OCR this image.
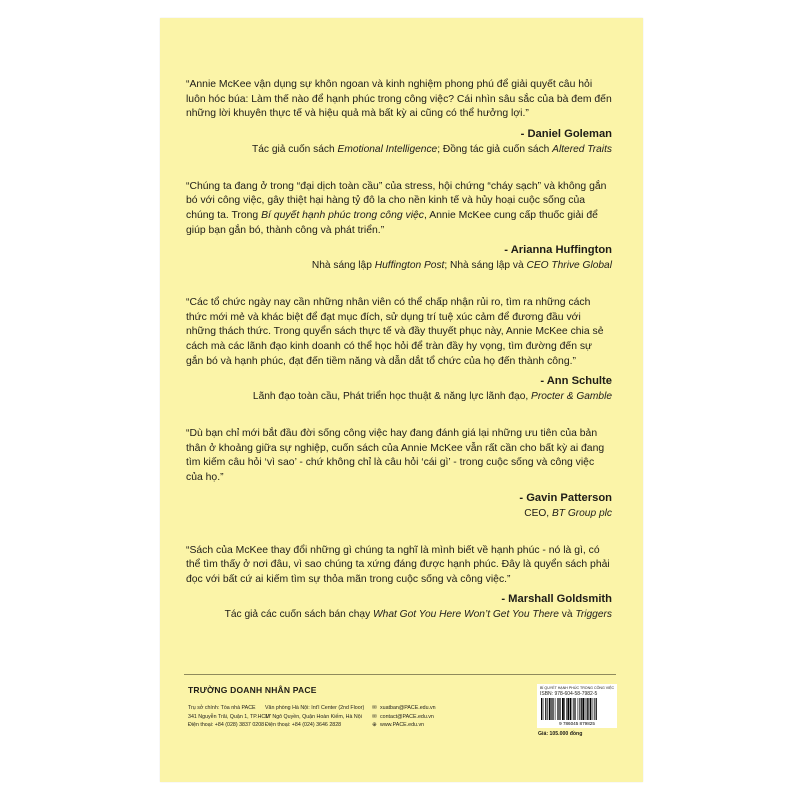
“Annie McKee vận dụng sự khôn ngoan và kinh nghiệm phong phú để giải quyết câu hỏi luôn hóc búa: Làm thế nào để hạnh phúc trong công việc? Cái nhìn sâu sắc của bà đem đến những lời khuyên thực tế và hiệu quả mà bất kỳ ai cũng có thể hưởng lợi.”

- Daniel Goleman
Tác giả cuốn sách Emotional Intelligence; Đồng tác giả cuốn sách Altered Traits

“Chúng ta đang ở trong “đại dịch toàn cầu” của stress, hội chứng “cháy sạch” và không gắn bó với công việc, gây thiệt hại hàng tỷ đô la cho nền kinh tế và hủy hoại cuộc sống của chúng ta. Trong Bí quyết hạnh phúc trong công việc, Annie McKee cung cấp thuốc giải để giúp bạn gắn bó, thành công và phát triển.”

- Arianna Huffington
Nhà sáng lập Huffington Post; Nhà sáng lập và CEO Thrive Global

“Các tổ chức ngày nay cần những nhân viên có thể chấp nhận rủi ro, tìm ra những cách thức mới mẻ và khác biệt để đạt mục đích, sử dụng trí tuệ xúc cảm để đương đầu với những thách thức. Trong quyển sách thực tế và đầy thuyết phục này, Annie McKee chia sẻ cách mà các lãnh đạo kinh doanh có thể học hỏi để tràn đầy hy vọng, tìm đường đến sự gắn bó và hạnh phúc, đạt đến tiềm năng và dẫn dắt tổ chức của họ đến thành công.”

- Ann Schulte
Lãnh đạo toàn cầu, Phát triển học thuật & năng lực lãnh đạo, Procter & Gamble

“Dù bạn chỉ mới bắt đầu đời sống công việc hay đang đánh giá lại những ưu tiên của bản thân ở khoảng giữa sự nghiệp, cuốn sách của Annie McKee vẫn rất cần cho bất kỳ ai đang tìm kiếm câu hỏi ‘vì sao’ - chứ không chỉ là câu hỏi ‘cái gì’ - trong cuộc sống và công việc của họ.”

- Gavin Patterson
CEO, BT Group plc

“Sách của McKee thay đổi những gì chúng ta nghĩ là mình biết về hạnh phúc - nó là gì, có thể tìm thấy ở nơi đâu, vì sao chúng ta xứng đáng được hạnh phúc. Đây là quyển sách phải đọc với bất cứ ai kiếm tìm sự thỏa mãn trong cuộc sống và công việc.”

- Marshall Goldsmith
Tác giả các cuốn sách bán chạy What Got You Here Won’t Get You There và Triggers
TRƯỜNG DOANH NHÂN PACE
Trụ sở chính: Tòa nhà PACE
341 Nguyễn Trãi, Quận 1, TP.HCM
Điện thoại: +84 (028) 3837 0208
Văn phòng Hà Nội: Int’l Center (2nd Floor)
17 Ngô Quyền, Quận Hoàn Kiếm, Hà Nội
Điện thoại: +84 (024) 3646 2828
✉ xuatban@PACE.edu.vn
✉ contact@PACE.edu.vn
⊕ www.PACE.edu.vn
BÍ QUYẾT HẠNH PHÚC TRONG CÔNG VIỆC
ISBN: 978-604-58-7982-5
9 786045 879825
Giá: 105.000 đồng
